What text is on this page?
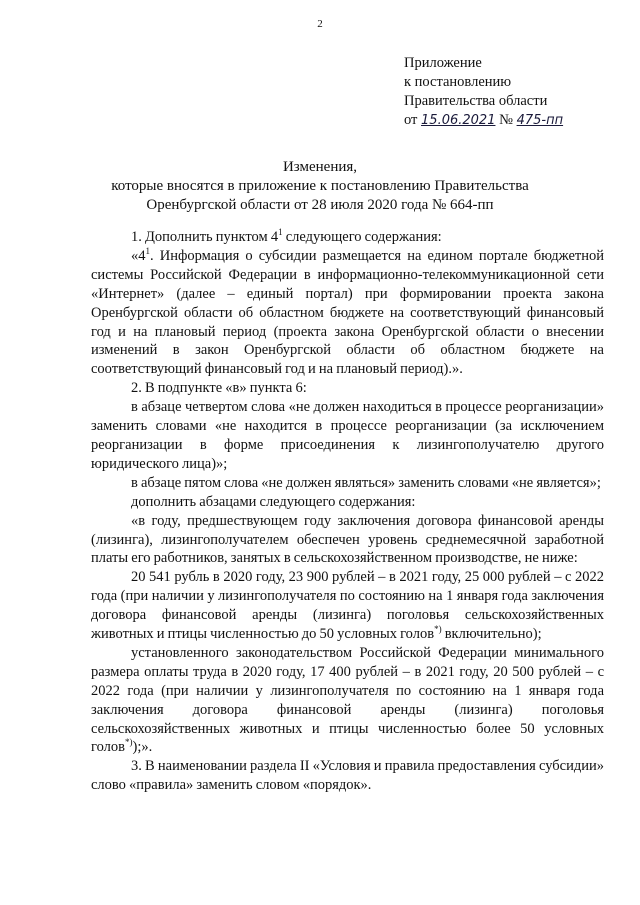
2
Приложение
к постановлению
Правительства области
от 15.06.2021 № 475-пп
Изменения,
которые вносятся в приложение к постановлению Правительства
Оренбургской области от 28 июля 2020 года № 664-пп

1. Дополнить пунктом $4^1$ следующего содержания:

«$4^1$. Информация о субсидии размещается на едином портале бюджетной системы Российской Федерации в информационно-телекоммуникационной сети «Интернет» (далее – единый портал) при формировании проекта закона Оренбургской области об областном бюджете на соответствующий финансовый год и на плановый период (проекта закона Оренбургской области о внесении изменений в закон Оренбургской области об областном бюджете на соответствующий финансовый год и на плановый период).».

2. В подпункте «в» пункта 6:

в абзаце четвертом слова «не должен находиться в процессе реорганизации» заменить словами «не находится в процессе реорганизации (за исключением реорганизации в форме присоединения к лизингополучателю другого юридического лица)»;

в абзаце пятом слова «не должен являться» заменить словами «не является»;

дополнить абзацами следующего содержания:

«в году, предшествующем году заключения договора финансовой аренды (лизинга), лизингополучателем обеспечен уровень среднемесячной заработной платы его работников, занятых в сельскохозяйственном производстве, не ниже:

20 541 рубль в 2020 году, 23 900 рублей – в 2021 году, 25 000 рублей – с 2022 года (при наличии у лизингополучателя по состоянию на 1 января года заключения договора финансовой аренды (лизинга) поголовья сельскохозяйственных животных и птицы численностью до 50 условных голов*) включительно);

установленного законодательством Российской Федерации минимального размера оплаты труда в 2020 году, 17 400 рублей – в 2021 году, 20 500 рублей – с 2022 года (при наличии у лизингополучателя по состоянию на 1 января года заключения договора финансовой аренды (лизинга) поголовья сельскохозяйственных животных и птицы численностью более 50 условных голов*));».

3. В наименовании раздела II «Условия и правила предоставления субсидии» слово «правила» заменить словом «порядок».
